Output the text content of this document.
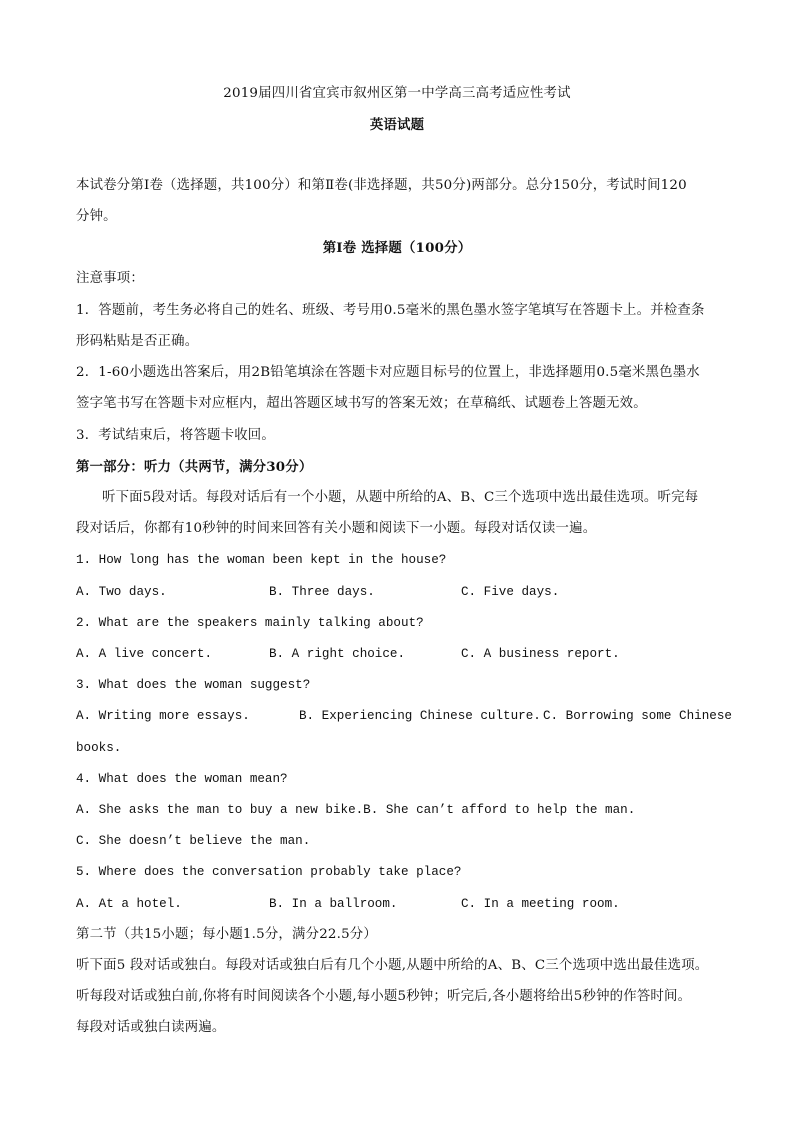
2019届四川省宜宾市叙州区第一中学高三高考适应性考试
英语试题
本试卷分第Ⅰ卷（选择题，共100分）和第Ⅱ卷(非选择题，共50分)两部分。总分150分，考试时间120
分钟。
第Ⅰ卷 选择题（100分）
注意事项：
1．答题前，考生务必将自己的姓名、班级、考号用0.5毫米的黑色墨水签字笔填写在答题卡上。并检查条
形码粘贴是否正确。
2．1-60小题选出答案后，用2B铅笔填涂在答题卡对应题目标号的位置上，非选择题用0.5毫米黑色墨水
签字笔书写在答题卡对应框内，超出答题区域书写的答案无效；在草稿纸、试题卷上答题无效。
3．考试结束后，将答题卡收回。
第一部分：听力（共两节，满分30分）
听下面5段对话。每段对话后有一个小题，从题中所给的A、B、C三个选项中选出最佳选项。听完每
段对话后，你都有10秒钟的时间来回答有关小题和阅读下一小题。每段对话仅读一遍。
1. How long has the woman been kept in the house?
A. Two days.	B. Three days.	C. Five days.
2. What are the speakers mainly talking about?
A. A live concert.	B. A right choice.	C. A business report.
3. What does the woman suggest?
A. Writing more essays.	B. Experiencing Chinese culture. C. Borrowing some Chinese
books.
4. What does the woman mean?
A. She asks the man to buy a new bike.B. She can’t afford to help the man.
C. She doesn’t believe the man.
5. Where does the conversation probably take place?
A. At a hotel.	B. In a ballroom.	C. In a meeting room.
第二节（共15小题；每小题1.5分，满分22.5分）
听下面5 段对话或独白。每段对话或独白后有几个小题,从题中所给的A、B、C三个选项中选出最佳选项。
听每段对话或独白前,你将有时间阅读各个小题,每小题5秒钟；听完后,各小题将给出5秒钟的作答时间。
每段对话或独白读两遍。
